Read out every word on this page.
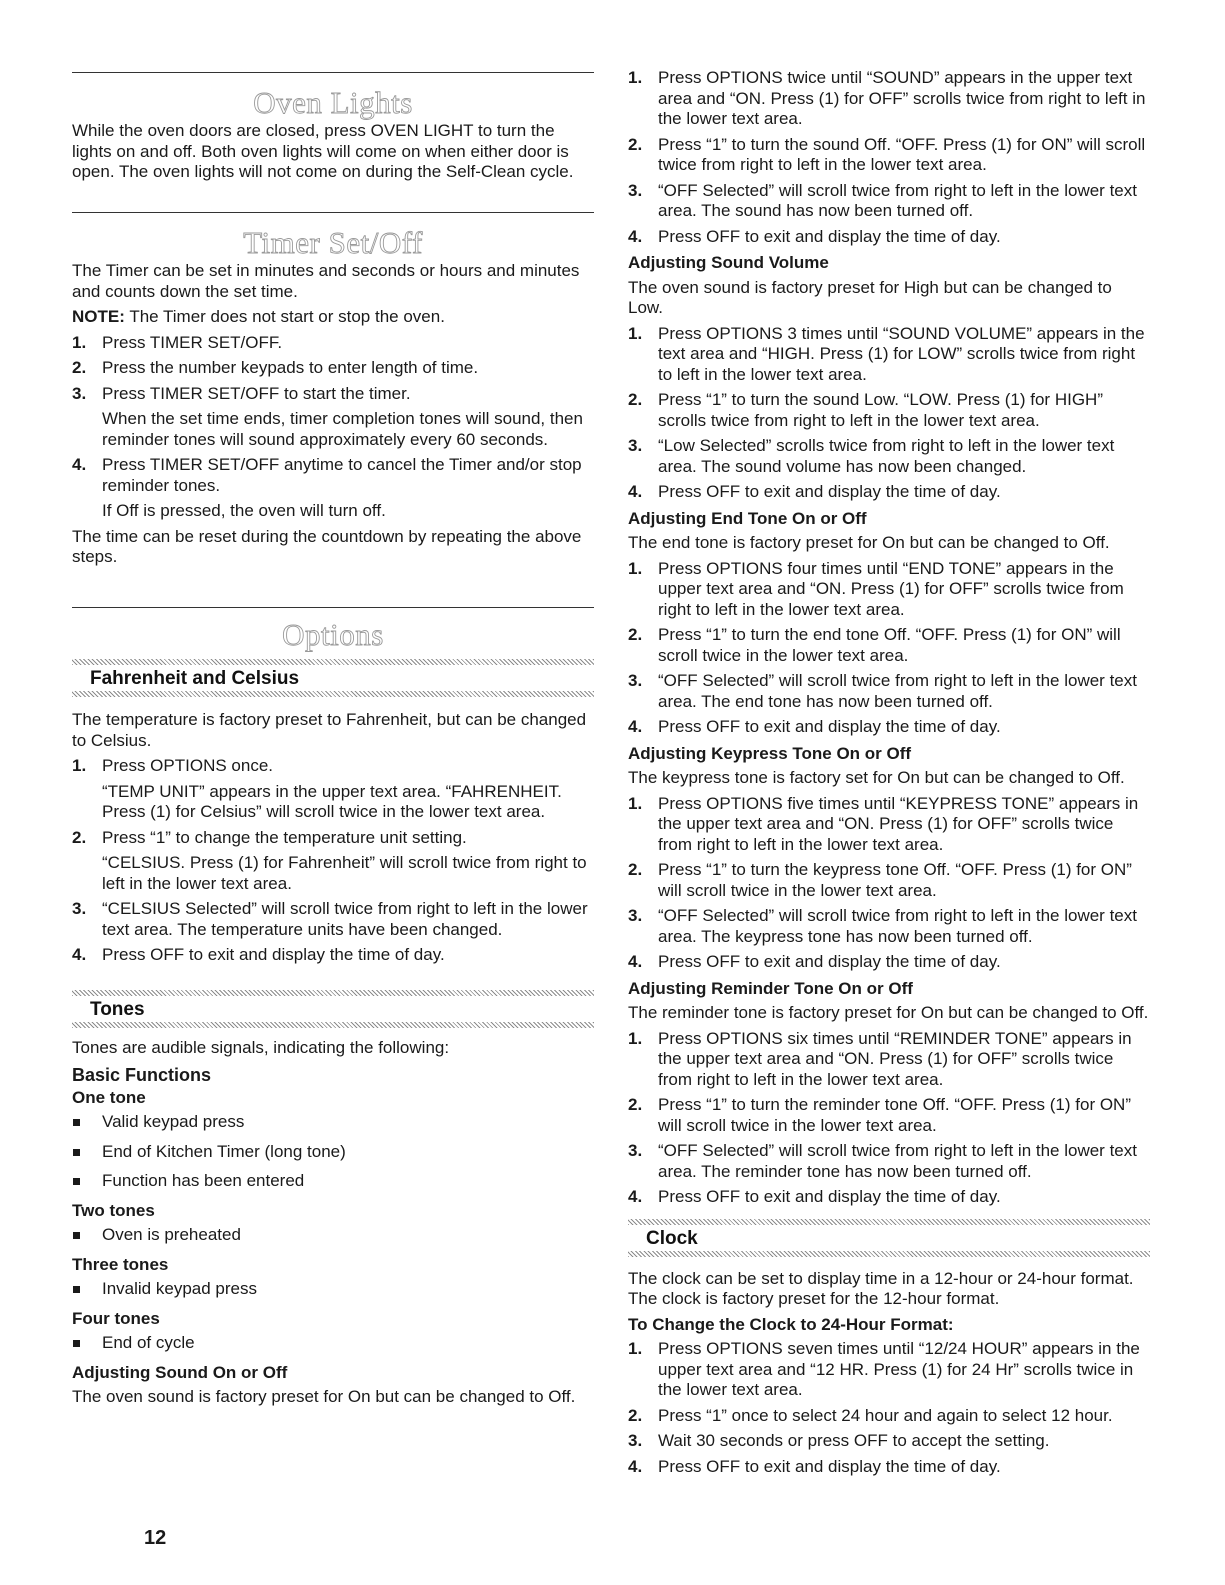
Oven Lights

While the oven doors are closed, press OVEN LIGHT to turn the lights on and off. Both oven lights will come on when either door is open. The oven lights will not come on during the Self-Clean cycle.

Timer Set/Off

The Timer can be set in minutes and seconds or hours and minutes and counts down the set time.

NOTE: The Timer does not start or stop the oven.

1. Press TIMER SET/OFF.
2. Press the number keypads to enter length of time.
3. Press TIMER SET/OFF to start the timer.
When the set time ends, timer completion tones will sound, then reminder tones will sound approximately every 60 seconds.
4. Press TIMER SET/OFF anytime to cancel the Timer and/or stop reminder tones.
If Off is pressed, the oven will turn off.

The time can be reset during the countdown by repeating the above steps.

Options
Fahrenheit and Celsius

The temperature is factory preset to Fahrenheit, but can be changed to Celsius.

1. Press OPTIONS once.
“TEMP UNIT” appears in the upper text area. “FAHRENHEIT. Press (1) for Celsius” will scroll twice in the lower text area.
2. Press “1” to change the temperature unit setting.
“CELSIUS. Press (1) for Fahrenheit” will scroll twice from right to left in the lower text area.
3. “CELSIUS Selected” will scroll twice from right to left in the lower text area. The temperature units have been changed.
4. Press OFF to exit and display the time of day.
Tones

Tones are audible signals, indicating the following:

Basic Functions
One tone
Valid keypad press
End of Kitchen Timer (long tone)
Function has been entered
Two tones
Oven is preheated
Three tones
Invalid keypad press
Four tones
End of cycle
Adjusting Sound On or Off

The oven sound is factory preset for On but can be changed to Off.

12
1. Press OPTIONS twice until “SOUND” appears in the upper text area and “ON. Press (1) for OFF” scrolls twice from right to left in the lower text area.
2. Press “1” to turn the sound Off. “OFF. Press (1) for ON” will scroll twice from right to left in the lower text area.
3. “OFF Selected” will scroll twice from right to left in the lower text area. The sound has now been turned off.
4. Press OFF to exit and display the time of day.
Adjusting Sound Volume

The oven sound is factory preset for High but can be changed to Low.

1. Press OPTIONS 3 times until “SOUND VOLUME” appears in the text area and “HIGH. Press (1) for LOW” scrolls twice from right to left in the lower text area.
2. Press “1” to turn the sound Low. “LOW. Press (1) for HIGH” scrolls twice from right to left in the lower text area.
3. “Low Selected” scrolls twice from right to left in the lower text area. The sound volume has now been changed.
4. Press OFF to exit and display the time of day.
Adjusting End Tone On or Off

The end tone is factory preset for On but can be changed to Off.

1. Press OPTIONS four times until “END TONE” appears in the upper text area and “ON. Press (1) for OFF” scrolls twice from right to left in the lower text area.
2. Press “1” to turn the end tone Off. “OFF. Press (1) for ON” will scroll twice in the lower text area.
3. “OFF Selected” will scroll twice from right to left in the lower text area. The end tone has now been turned off.
4. Press OFF to exit and display the time of day.
Adjusting Keypress Tone On or Off

The keypress tone is factory set for On but can be changed to Off.

1. Press OPTIONS five times until “KEYPRESS TONE” appears in the upper text area and “ON. Press (1) for OFF” scrolls twice from right to left in the lower text area.
2. Press “1” to turn the keypress tone Off. “OFF. Press (1) for ON” will scroll twice in the lower text area.
3. “OFF Selected” will scroll twice from right to left in the lower text area. The keypress tone has now been turned off.
4. Press OFF to exit and display the time of day.
Adjusting Reminder Tone On or Off

The reminder tone is factory preset for On but can be changed to Off.

1. Press OPTIONS six times until “REMINDER TONE” appears in the upper text area and “ON. Press (1) for OFF” scrolls twice from right to left in the lower text area.
2. Press “1” to turn the reminder tone Off. “OFF. Press (1) for ON” will scroll twice in the lower text area.
3. “OFF Selected” will scroll twice from right to left in the lower text area. The reminder tone has now been turned off.
4. Press OFF to exit and display the time of day.
Clock

The clock can be set to display time in a 12-hour or 24-hour format. The clock is factory preset for the 12-hour format.

To Change the Clock to 24-Hour Format:
1. Press OPTIONS seven times until “12/24 HOUR” appears in the upper text area and “12 HR. Press (1) for 24 Hr” scrolls twice in the lower text area.
2. Press “1” once to select 24 hour and again to select 12 hour.
3. Wait 30 seconds or press OFF to accept the setting.
4. Press OFF to exit and display the time of day.
